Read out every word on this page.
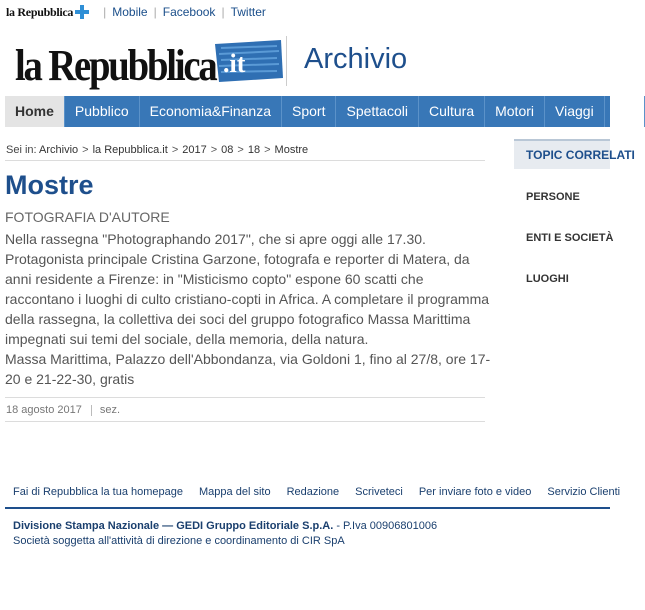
la Repubblica	| Mobile | Facebook | Twitter
la Repubblica .it Archivio
Home	Pubblico	Economia&Finanza	Sport	Spettacoli	Cultura	Motori	Viaggi	Mo
Sei in: Archivio > la Repubblica.it > 2017 > 08 > 18 > Mostre
Mostre
FOTOGRAFIA D'AUTORE

Nella rassegna "Photographando 2017", che si apre oggi alle 17.30. Protagonista principale Cristina Garzone, fotografa e reporter di Matera, da anni residente a Firenze: in "Misticismo copto" espone 60 scatti che raccontano i luoghi di culto cristiano-copti in Africa. A completare il programma della rassegna, la collettiva dei soci del gruppo fotografico Massa Marittima impegnati sui temi del sociale, della memoria, della natura.

Massa Marittima, Palazzo dell'Abbondanza, via Goldoni 1, fino al 27/8, ore 17-20 e 21-22-30, gratis

18 agosto 2017 sez.
TOPIC CORRELATI
PERSONE
ENTI E SOCIETÀ
LUOGHI
Fai di Repubblica la tua homepage	Mappa del sito	Redazione	Scriveteci	Per inviare foto e video	Servizio Clienti
Divisione Stampa Nazionale — GEDI Gruppo Editoriale S.p.A. - P.Iva 00906801006
Società soggetta all'attività di direzione e coordinamento di CIR SpA
